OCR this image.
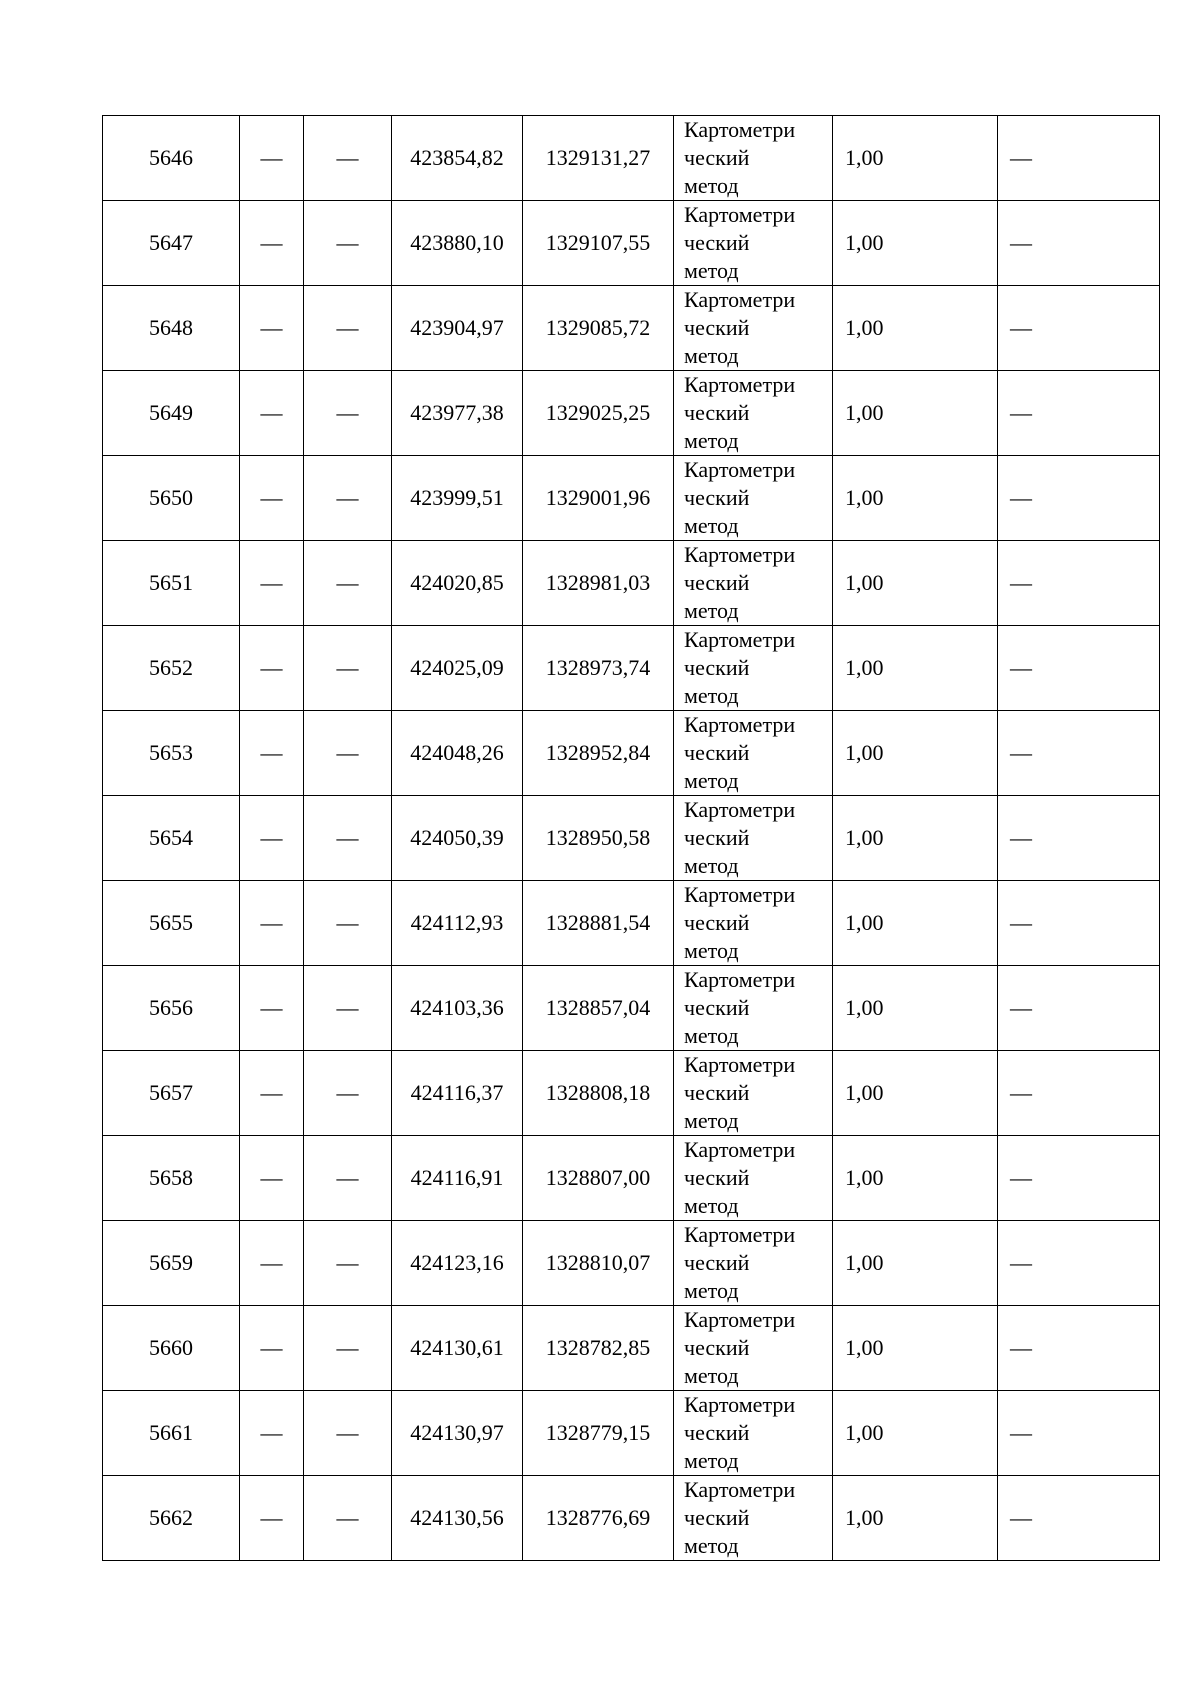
5646	—	—	423854,82	1329131,27	Картометри
ческий
метод	1,00	—
5647	—	—	423880,10	1329107,55	Картометри
ческий
метод	1,00	—
5648	—	—	423904,97	1329085,72	Картометри
ческий
метод	1,00	—
5649	—	—	423977,38	1329025,25	Картометри
ческий
метод	1,00	—
5650	—	—	423999,51	1329001,96	Картометри
ческий
метод	1,00	—
5651	—	—	424020,85	1328981,03	Картометри
ческий
метод	1,00	—
5652	—	—	424025,09	1328973,74	Картометри
ческий
метод	1,00	—
5653	—	—	424048,26	1328952,84	Картометри
ческий
метод	1,00	—
5654	—	—	424050,39	1328950,58	Картометри
ческий
метод	1,00	—
5655	—	—	424112,93	1328881,54	Картометри
ческий
метод	1,00	—
5656	—	—	424103,36	1328857,04	Картометри
ческий
метод	1,00	—
5657	—	—	424116,37	1328808,18	Картометри
ческий
метод	1,00	—
5658	—	—	424116,91	1328807,00	Картометри
ческий
метод	1,00	—
5659	—	—	424123,16	1328810,07	Картометри
ческий
метод	1,00	—
5660	—	—	424130,61	1328782,85	Картометри
ческий
метод	1,00	—
5661	—	—	424130,97	1328779,15	Картометри
ческий
метод	1,00	—
5662	—	—	424130,56	1328776,69	Картометри
ческий
метод	1,00	—
